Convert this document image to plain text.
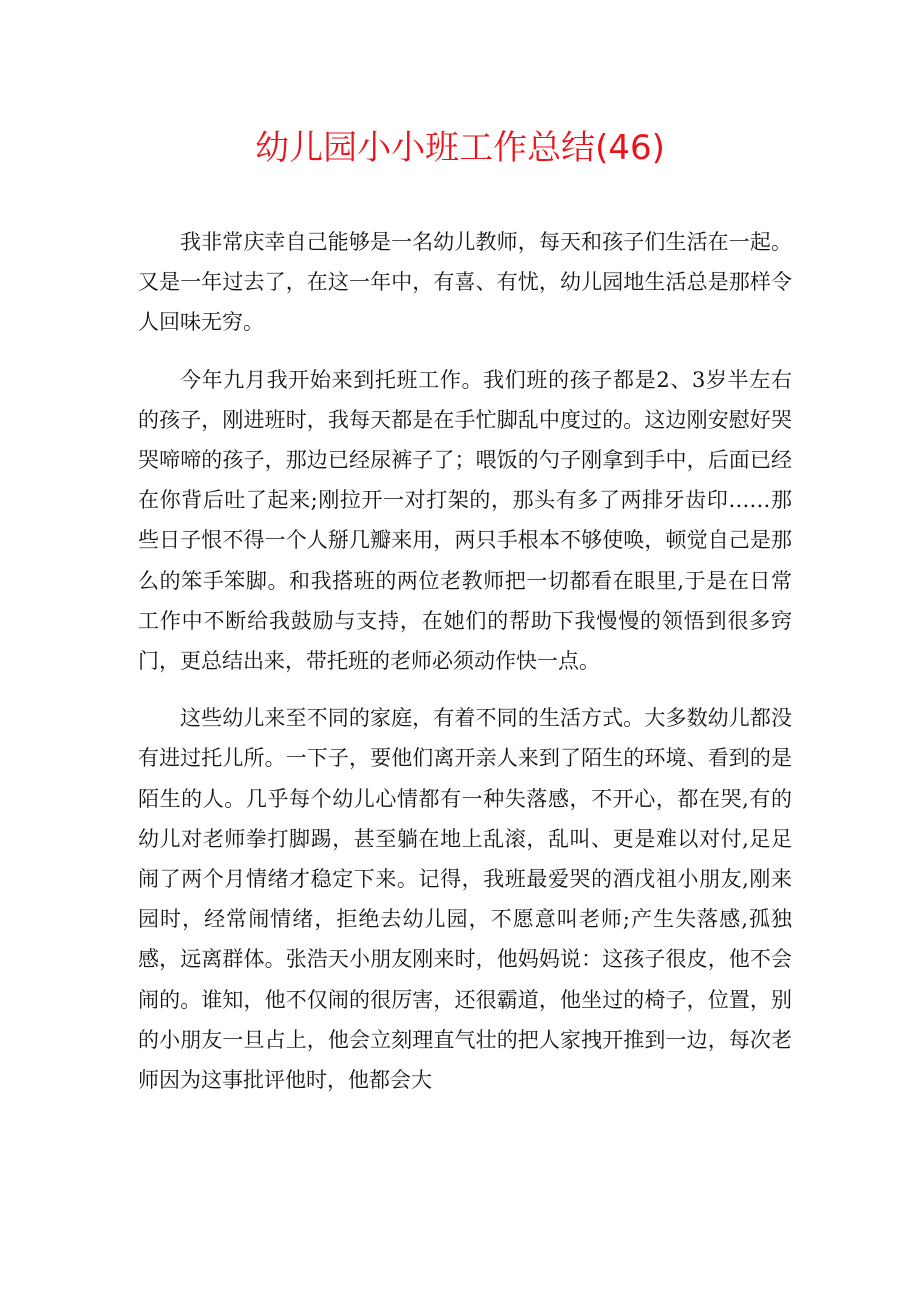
幼儿园小小班工作总结(46)

我非常庆幸自己能够是一名幼儿教师，每天和孩子们生活在一起。又是一年过去了，在这一年中，有喜、有忧，幼儿园地生活总是那样令人回味无穷。

今年九月我开始来到托班工作。我们班的孩子都是2、3岁半左右的孩子，刚进班时，我每天都是在手忙脚乱中度过的。这边刚安慰好哭哭啼啼的孩子，那边已经尿裤子了；喂饭的勺子刚拿到手中，后面已经在你背后吐了起来;刚拉开一对打架的，那头有多了两排牙齿印……那些日子恨不得一个人掰几瓣来用，两只手根本不够使唤，顿觉自己是那么的笨手笨脚。和我搭班的两位老教师把一切都看在眼里,于是在日常工作中不断给我鼓励与支持，在她们的帮助下我慢慢的领悟到很多窍门，更总结出来，带托班的老师必须动作快一点。

这些幼儿来至不同的家庭，有着不同的生活方式。大多数幼儿都没有进过托儿所。一下子，要他们离开亲人来到了陌生的环境、看到的是陌生的人。几乎每个幼儿心情都有一种失落感，不开心，都在哭,有的幼儿对老师拳打脚踢，甚至躺在地上乱滚，乱叫、更是难以对付,足足闹了两个月情绪才稳定下来。记得，我班最爱哭的酒戊祖小朋友,刚来园时，经常闹情绪，拒绝去幼儿园，不愿意叫老师;产生失落感,孤独感，远离群体。张浩天小朋友刚来时，他妈妈说：这孩子很皮，他不会闹的。谁知，他不仅闹的很厉害，还很霸道，他坐过的椅子，位置，别的小朋友一旦占上，他会立刻理直气壮的把人家拽开推到一边，每次老师因为这事批评他时，他都会大
